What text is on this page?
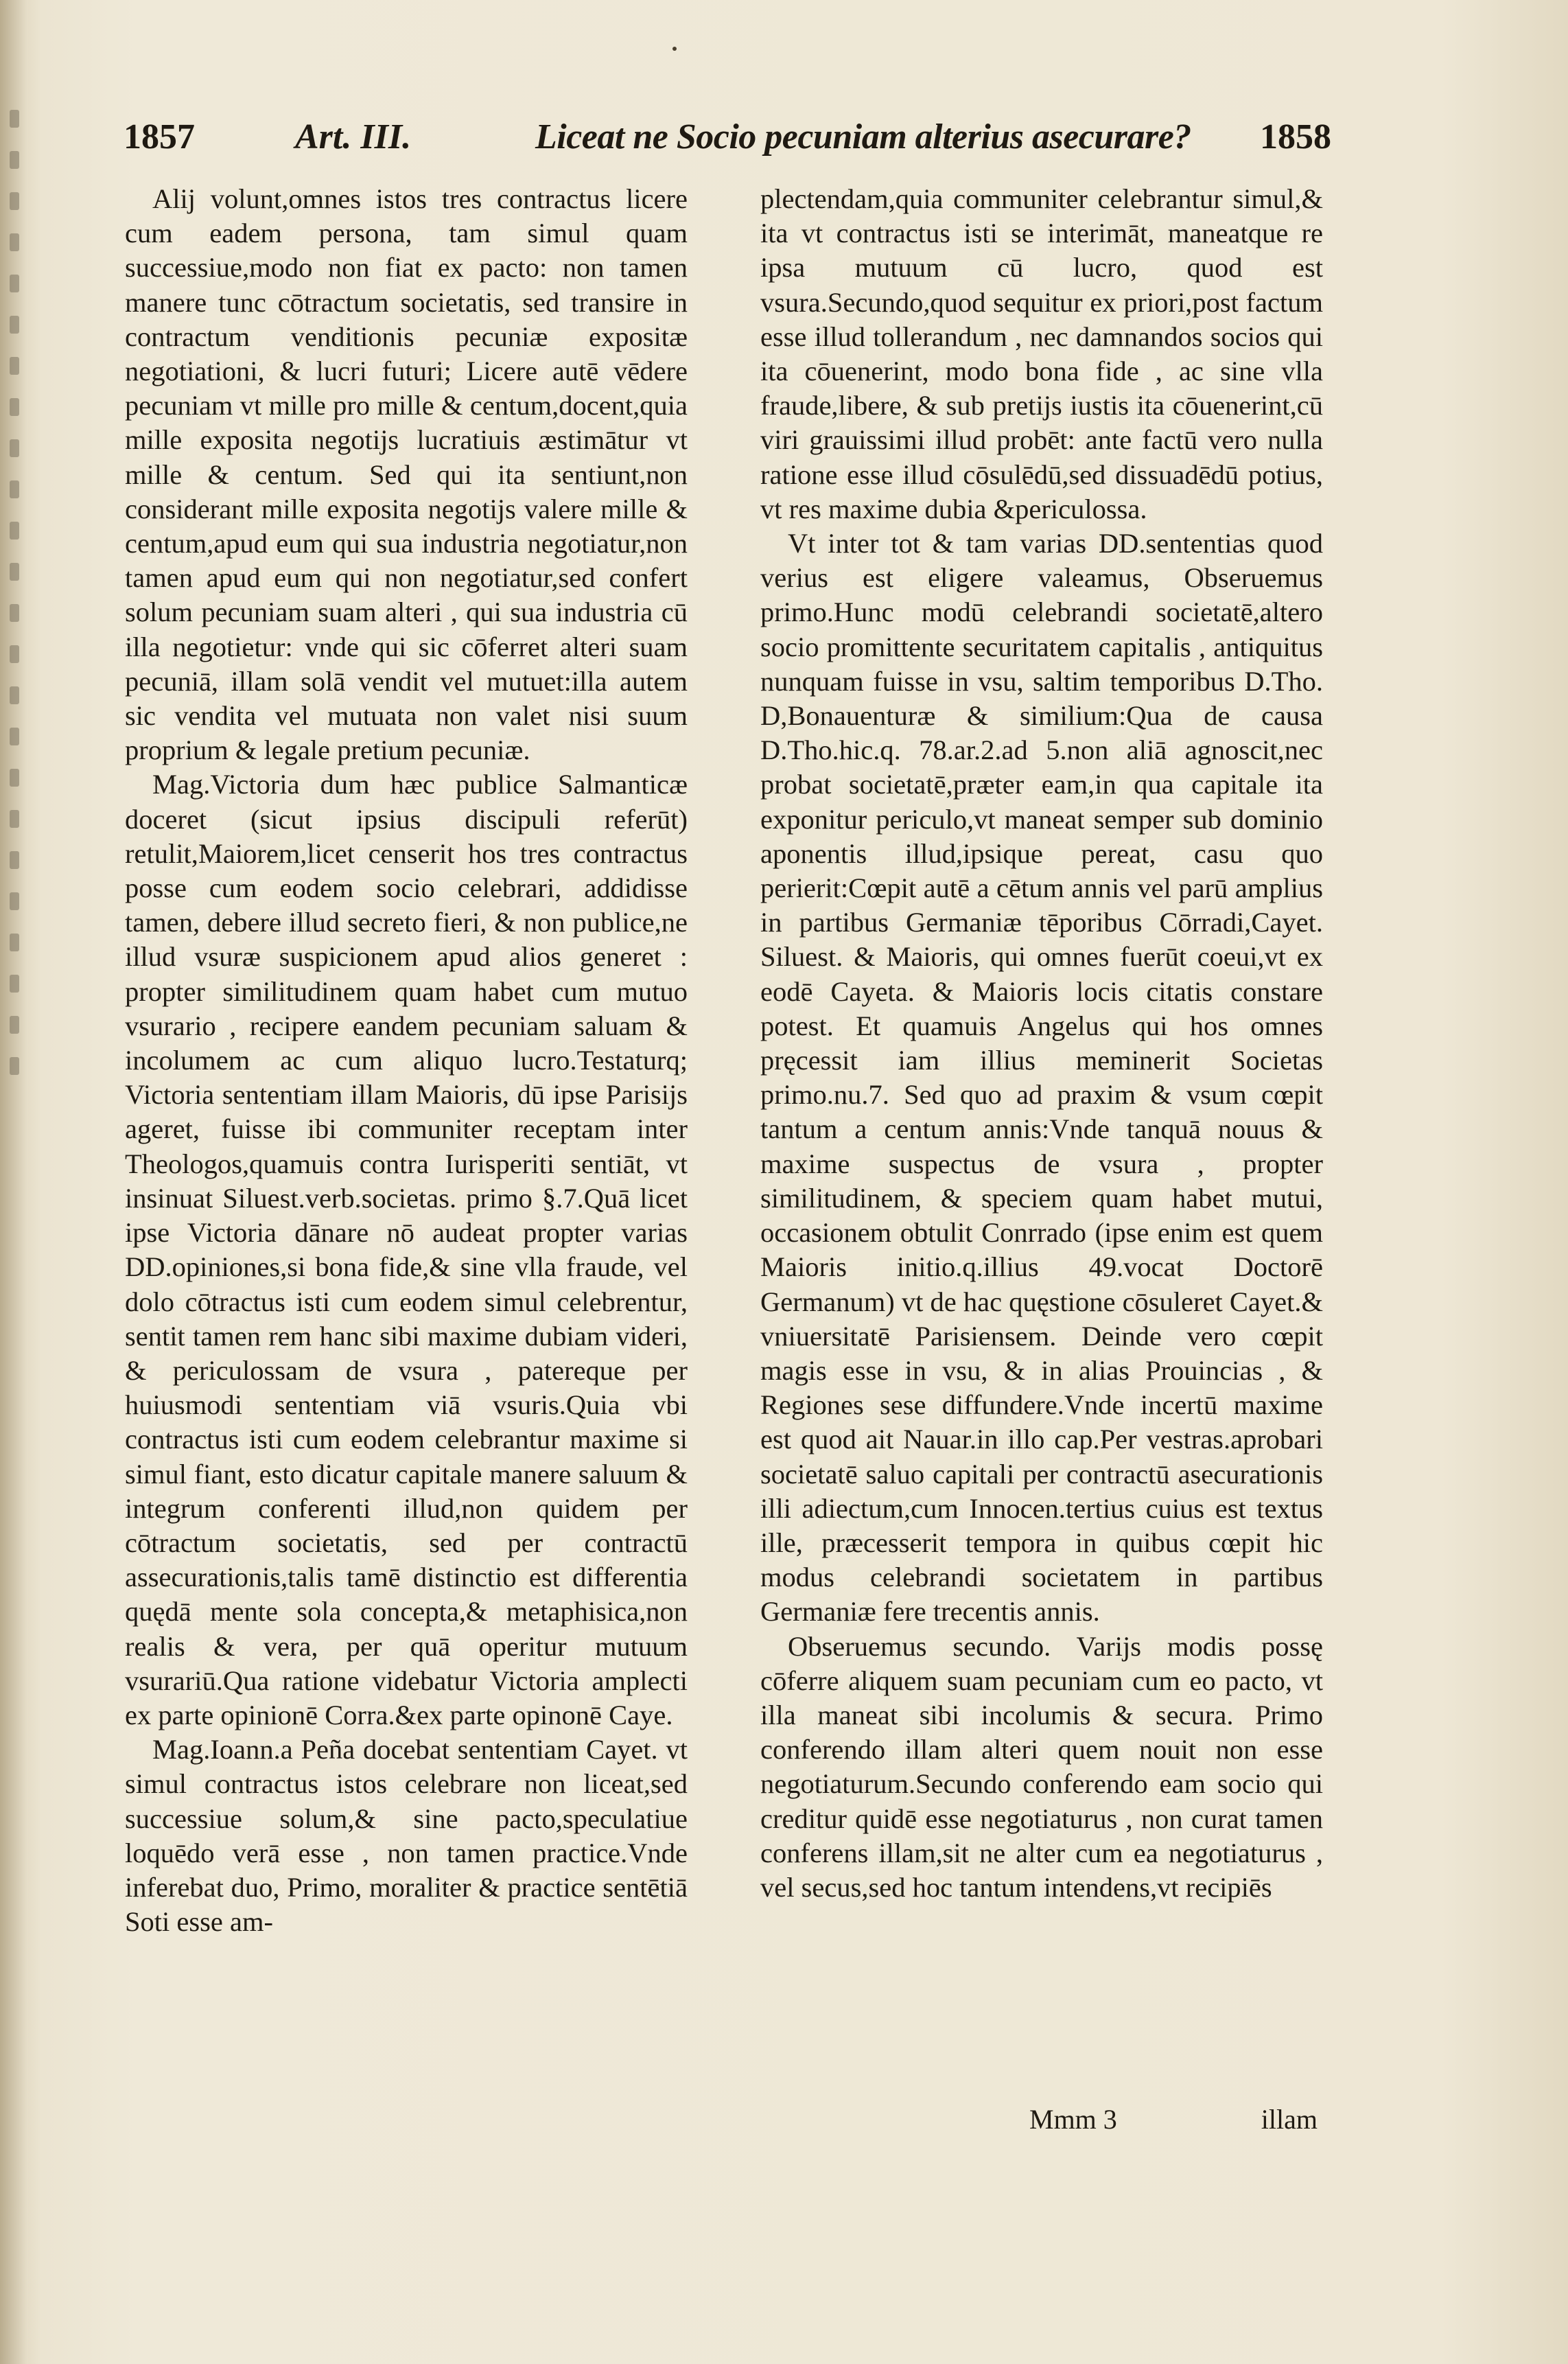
1857	Art. III.	Liceat ne Socio pecuniam alterius asecurare? 1858

Alij volunt,omnes istos tres contractus licere cum eadem persona, tam simul quam successiue,modo non fiat ex pacto: non tamen manere tunc cōtractum societatis, sed transire in contractum venditionis pecuniæ expositæ negotiationi, & lucri futuri; Licere autē vēdere pecuniam vt mille pro mille & centum,docent,quia mille exposita negotijs lucratiuis æstimātur vt mille & centum. Sed qui ita sentiunt,non considerant mille exposita negotijs valere mille & centum,apud eum qui sua industria negotiatur,non tamen apud eum qui non negotiatur,sed confert solum pecuniam suam alteri , qui sua industria cū illa negotietur: vnde qui sic cōferret alteri suam pecuniā, illam solā vendit vel mutuet:illa autem sic vendita vel mutuata non valet nisi suum proprium & legale pretium pecuniæ.

Mag.Victoria dum hæc publice Salmanticæ doceret (sicut ipsius discipuli referūt) retulit,Maiorem,licet censerit hos tres contractus posse cum eodem socio celebrari, addidisse tamen, debere illud secreto fieri, & non publice,ne illud vsuræ suspicionem apud alios generet : propter similitudinem quam habet cum mutuo vsurario , recipere eandem pecuniam saluam & incolumem ac cum aliquo lucro.Testaturq; Victoria sententiam illam Maioris, dū ipse Parisijs ageret, fuisse ibi communiter receptam inter Theologos,quamuis contra Iurisperiti sentiāt, vt insinuat Siluest.verb.societas. primo §.7.Quā licet ipse Victoria dānare nō audeat propter varias DD.opiniones,si bona fide,& sine vlla fraude, vel dolo cōtractus isti cum eodem simul celebrentur, sentit tamen rem hanc sibi maxime dubiam videri, & periculossam de vsura , patereque per huiusmodi sententiam viā vsuris.Quia vbi contractus isti cum eodem celebrantur maxime si simul fiant, esto dicatur capitale manere saluum & integrum conferenti illud,non quidem per cōtractum societatis, sed per contractū assecurationis,talis tamē distinctio est differentia quędā mente sola concepta,& metaphisica,non realis & vera, per quā operitur mutuum vsurariū.Qua ratione videbatur Victoria amplecti ex parte opinionē Corra.&ex parte opinonē Caye.

Mag.Ioann.a Peña docebat sententiam Cayet. vt simul contractus istos celebrare non liceat,sed successiue solum,& sine pacto,speculatiue loquēdo verā esse , non tamen practice.Vnde inferebat duo, Primo, moraliter & practice sentētiā Soti esse am-

plectendam,quia communiter celebrantur simul,& ita vt contractus isti se interimāt, maneatque re ipsa mutuum cū lucro, quod est vsura.Secundo,quod sequitur ex priori,post factum esse illud tollerandum , nec damnandos socios qui ita cōuenerint, modo bona fide , ac sine vlla fraude,libere, & sub pretijs iustis ita cōuenerint,cū viri grauissimi illud probēt: ante factū vero nulla ratione esse illud cōsulēdū,sed dissuadēdū potius, vt res maxime dubia &periculossa.

Vt inter tot & tam varias DD.sententias quod verius est eligere valeamus, Obseruemus primo.Hunc modū celebrandi societatē,altero socio promittente securitatem capitalis , antiquitus nunquam fuisse in vsu, saltim temporibus D.Tho. D,Bonauenturæ & similium:Qua de causa D.Tho.hic.q. 78.ar.2.ad 5.non aliā agnoscit,nec probat societatē,præter eam,in qua capitale ita exponitur periculo,vt maneat semper sub dominio aponentis illud,ipsique pereat, casu quo perierit:Cœpit autē a cētum annis vel parū amplius in partibus Germaniæ tēporibus Cōrradi,Cayet. Siluest. & Maioris, qui omnes fuerūt coeui,vt ex eodē Cayeta. & Maioris locis citatis constare potest. Et quamuis Angelus qui hos omnes pręcessit iam illius meminerit Societas primo.nu.7. Sed quo ad praxim & vsum cœpit tantum a centum annis:Vnde tanquā nouus & maxime suspectus de vsura , propter similitudinem, & speciem quam habet mutui, occasionem obtulit Conrrado (ipse enim est quem Maioris initio.q.illius 49.vocat Doctorē Germanum) vt de hac quęstione cōsuleret Cayet.& vniuersitatē Parisiensem. Deinde vero cœpit magis esse in vsu, & in alias Prouincias , & Regiones sese diffundere.Vnde incertū maxime est quod ait Nauar.in illo cap.Per vestras.aprobari societatē saluo capitali per contractū asecurationis illi adiectum,cum Innocen.tertius cuius est textus ille, præcesserit tempora in quibus cœpit hic modus celebrandi societatem in partibus Germaniæ fere trecentis annis.

Obseruemus secundo. Varijs modis possę cōferre aliquem suam pecuniam cum eo pacto, vt illa maneat sibi incolumis & secura. Primo conferendo illam alteri quem nouit non esse negotiaturum.Secundo conferendo eam socio qui creditur quidē esse negotiaturus , non curat tamen conferens illam,sit ne alter cum ea negotiaturus , vel secus,sed hoc tantum intendens,vt recipiēs

Mmm 3	illam
